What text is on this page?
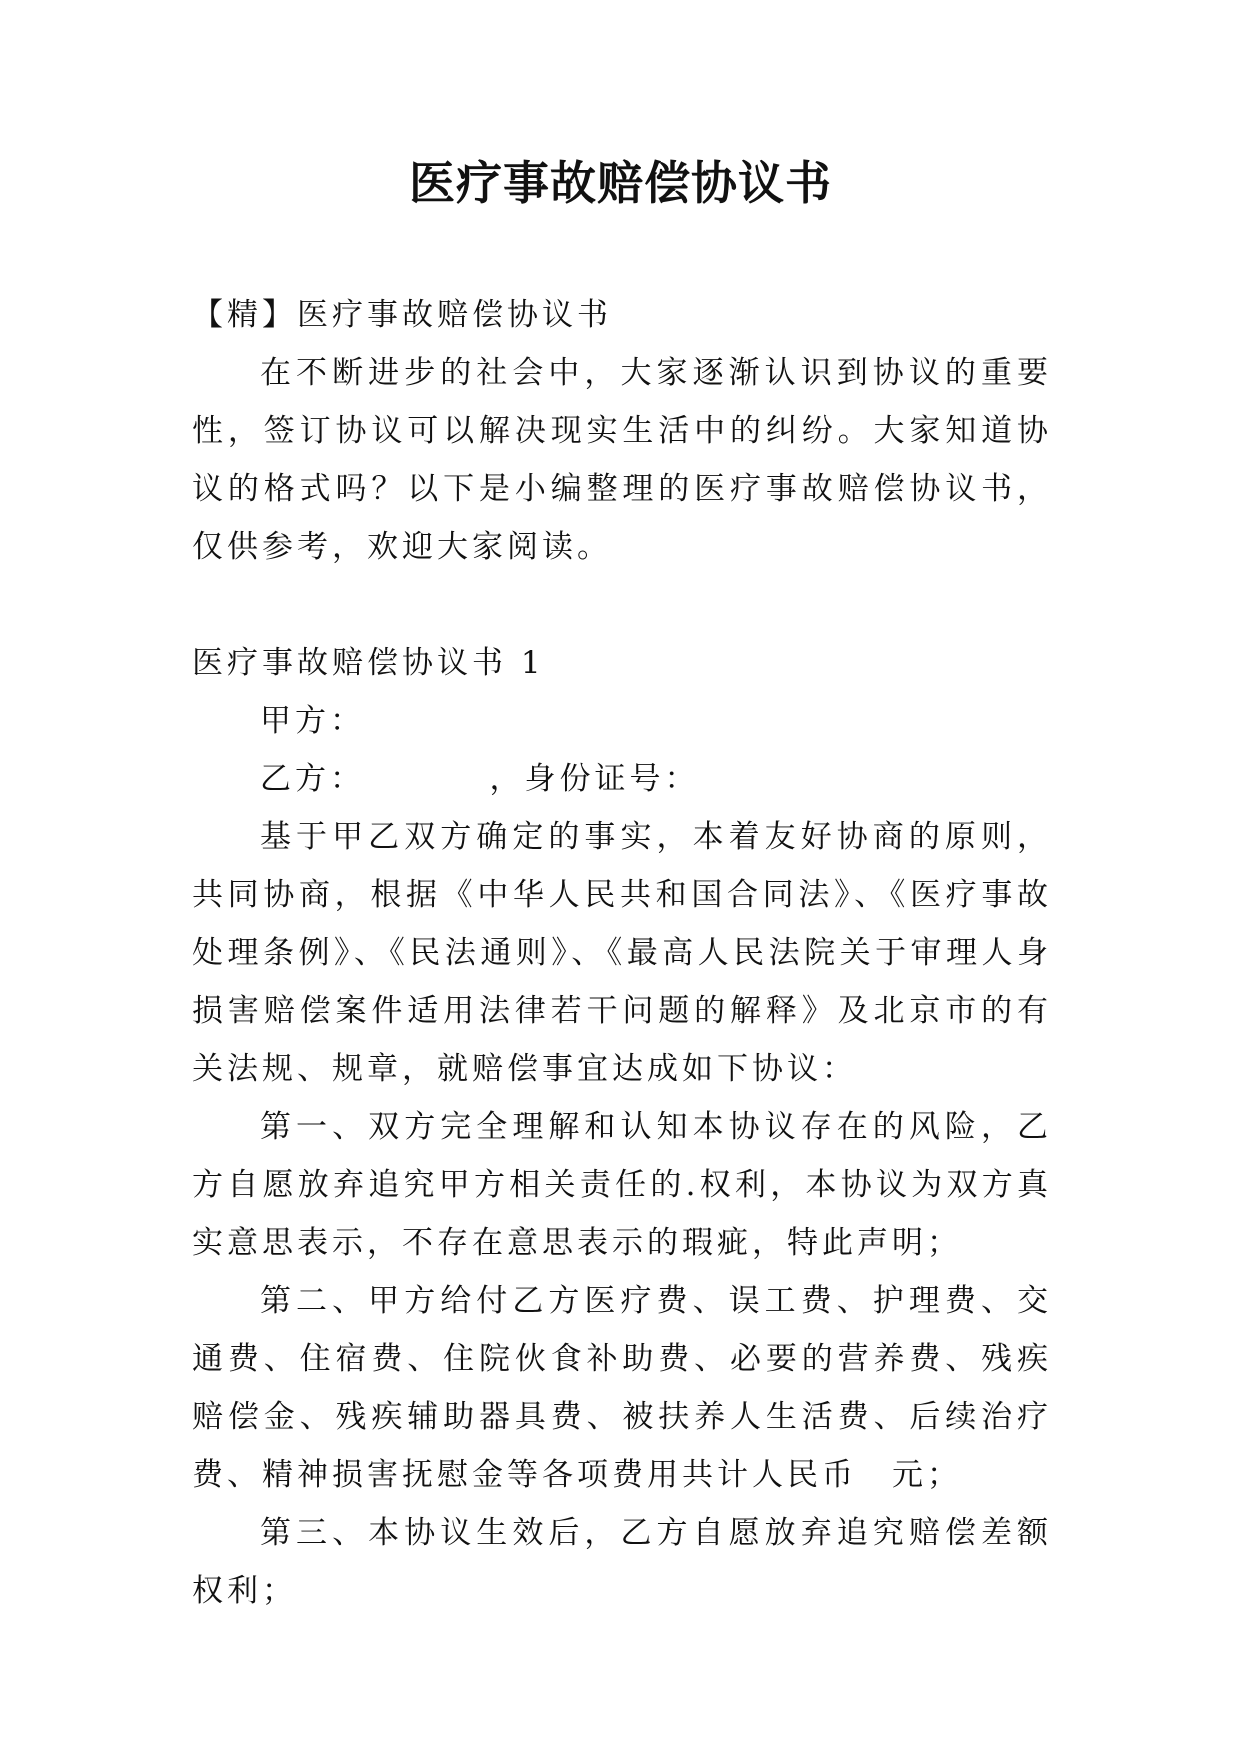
医疗事故赔偿协议书

【精】医疗事故赔偿协议书

在不断进步的社会中，大家逐渐认识到协议的重要性，签订协议可以解决现实生活中的纠纷。大家知道协议的格式吗？以下是小编整理的医疗事故赔偿协议书，仅供参考，欢迎大家阅读。

医疗事故赔偿协议书 1

甲方：

乙方：　　　　，身份证号：

基于甲乙双方确定的事实，本着友好协商的原则，共同协商，根据《中华人民共和国合同法》、《医疗事故处理条例》、《民法通则》、《最高人民法院关于审理人身损害赔偿案件适用法律若干问题的解释》及北京市的有关法规、规章，就赔偿事宜达成如下协议：

第一、双方完全理解和认知本协议存在的风险，乙方自愿放弃追究甲方相关责任的.权利，本协议为双方真实意思表示，不存在意思表示的瑕疵，特此声明；

第二、甲方给付乙方医疗费、误工费、护理费、交通费、住宿费、住院伙食补助费、必要的营养费、残疾赔偿金、残疾辅助器具费、被扶养人生活费、后续治疗费、精神损害抚慰金等各项费用共计人民币　元；

第三、本协议生效后，乙方自愿放弃追究赔偿差额权利；
